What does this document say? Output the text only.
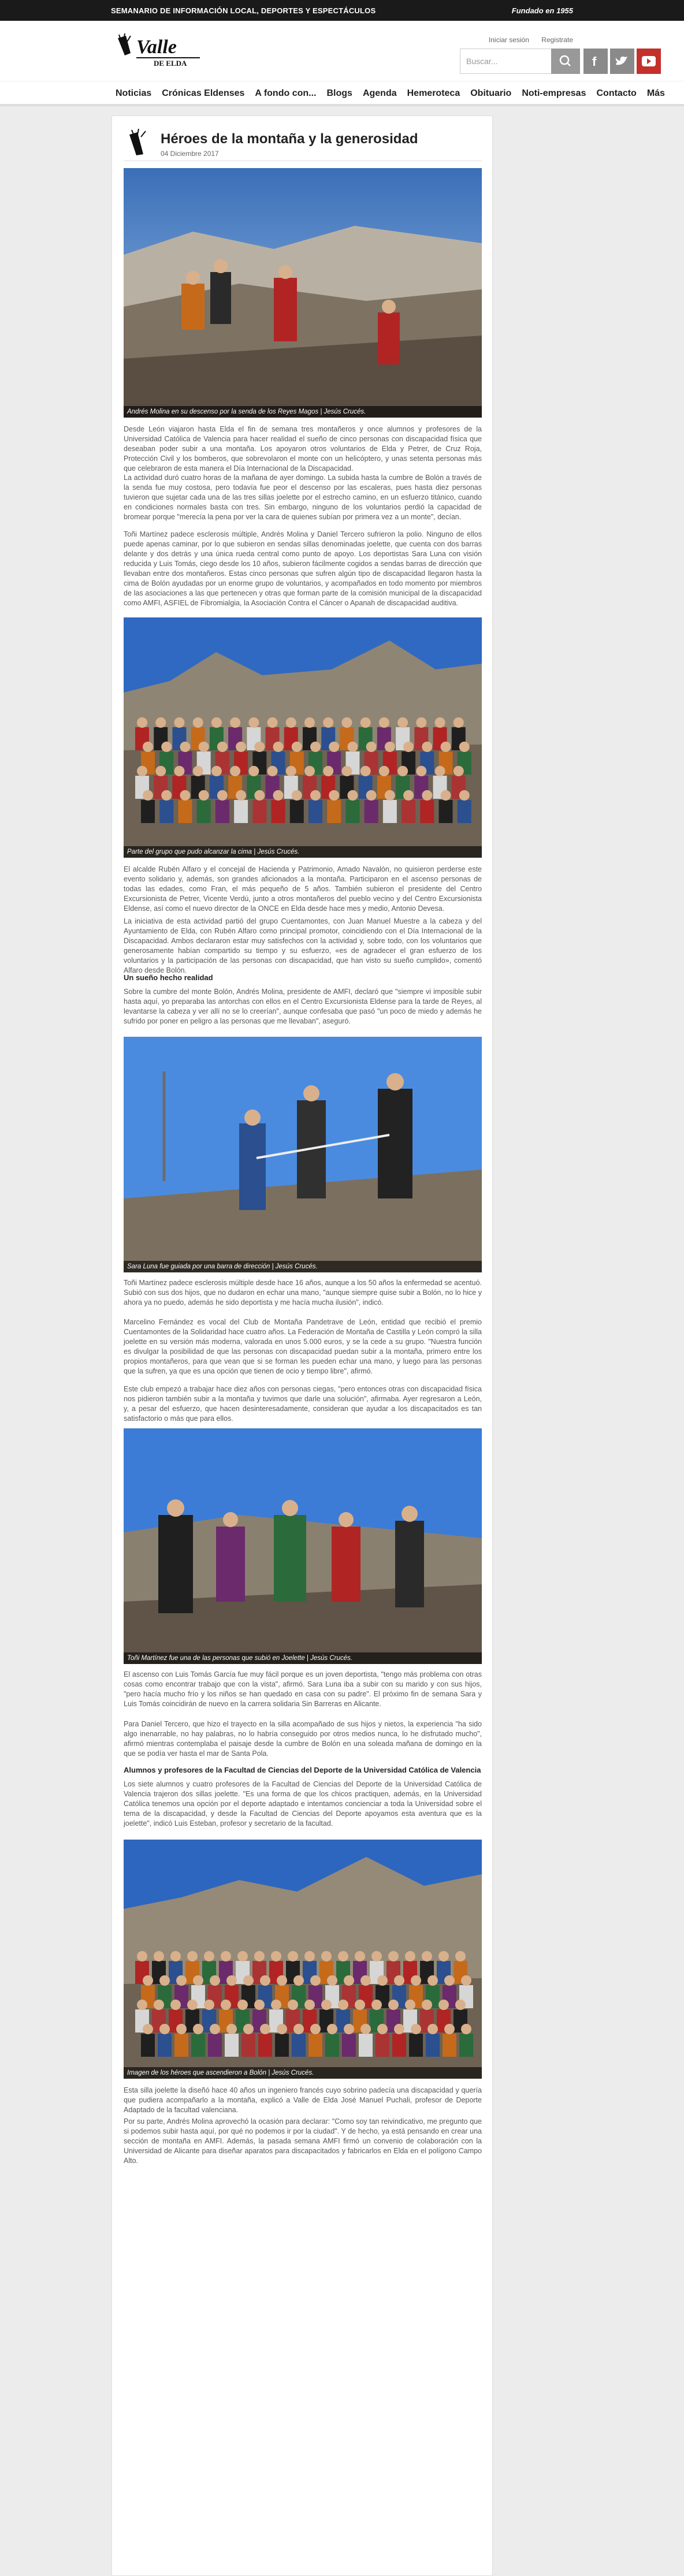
SEMANARIO DE INFORMACIÓN LOCAL, DEPORTES Y ESPECTÁCULOS	Fundado en 1955
Valle
DE ELDA
Iniciar sesión Registrate
Buscar...	f
Noticias Crónicas Eldenses A fondo con... Blogs Agenda Hemeroteca Obituario Noti-empresas Contacto Más
Héroes de la montaña y la generosidad
04 Diciembre 2017
Andrés Molina en su descenso por la senda de los Reyes Magos | Jesús Crucés.
Desde León viajaron hasta Elda el fin de semana tres montañeros y once alumnos y profesores de la Universidad Católica de Valencia para hacer realidad el sueño de cinco personas con discapacidad física que deseaban poder subir a una montaña. Los apoyaron otros voluntarios de Elda y Petrer, de Cruz Roja, Protección Civil y los bomberos, que sobrevolaron el monte con un helicóptero, y unas setenta personas más que celebraron de esta manera el Día Internacional de la Discapacidad.
La actividad duró cuatro horas de la mañana de ayer domingo. La subida hasta la cumbre de Bolón a través de la senda fue muy costosa, pero todavía fue peor el descenso por las escaleras, pues hasta diez personas tuvieron que sujetar cada una de las tres sillas joelette por el estrecho camino, en un esfuerzo titánico, cuando en condiciones normales basta con tres. Sin embargo, ninguno de los voluntarios perdió la capacidad de bromear porque "merecía la pena por ver la cara de quienes subían por primera vez a un monte", decían.
Toñi Martínez padece esclerosis múltiple, Andrés Molina y Daniel Tercero sufrieron la polio. Ninguno de ellos puede apenas caminar, por lo que subieron en sendas sillas denominadas joelette, que cuenta con dos barras delante y dos detrás y una única rueda central como punto de apoyo. Los deportistas Sara Luna con visión reducida y Luis Tomás, ciego desde los 10 años, subieron fácilmente cogidos a sendas barras de dirección que llevaban entre dos montañeros. Estas cinco personas que sufren algún tipo de discapacidad llegaron hasta la cima de Bolón ayudadas por un enorme grupo de voluntarios, y acompañados en todo momento por miembros de las asociaciones a las que pertenecen y otras que forman parte de la comisión municipal de la discapacidad como AMFI, ASFIEL de Fibromialgia, la Asociación Contra el Cáncer o Apanah de discapacidad auditiva.
Parte del grupo que pudo alcanzar la cima | Jesús Crucés.
El alcalde Rubén Alfaro y el concejal de Hacienda y Patrimonio, Amado Navalón, no quisieron perderse este evento solidario y, además, son grandes aficionados a la montaña. Participaron en el ascenso personas de todas las edades, como Fran, el más pequeño de 5 años. También subieron el presidente del Centro Excursionista de Petrer, Vicente Verdú, junto a otros montañeros del pueblo vecino y del Centro Excursionista Eldense, así como el nuevo director de la ONCE en Elda desde hace mes y medio, Antonio Devesa.
La iniciativa de esta actividad partió del grupo Cuentamontes, con Juan Manuel Muestre a la cabeza y del Ayuntamiento de Elda, con Rubén Alfaro como principal promotor, coincidiendo con el Día Internacional de la Discapacidad. Ambos declararon estar muy satisfechos con la actividad y, sobre todo, con los voluntarios que generosamente habían compartido su tiempo y su esfuerzo, «es de agradecer el gran esfuerzo de los voluntarios y la participación de las personas con discapacidad, que han visto su sueño cumplido», comentó Alfaro desde Bolón.
Un sueño hecho realidad
Sobre la cumbre del monte Bolón, Andrés Molina, presidente de AMFI, declaró que "siempre vi imposible subir hasta aquí, yo preparaba las antorchas con ellos en el Centro Excursionista Eldense para la tarde de Reyes, al levantarse la cabeza y ver allí no se lo creerían", aunque confesaba que pasó "un poco de miedo y además he sufrido por poner en peligro a las personas que me llevaban", aseguró.
Sara Luna fue guiada por una barra de dirección | Jesús Crucés.
Toñi Martínez padece esclerosis múltiple desde hace 16 años, aunque a los 50 años la enfermedad se acentuó. Subió con sus dos hijos, que no dudaron en echar una mano, "aunque siempre quise subir a Bolón, no lo hice y ahora ya no puedo, además he sido deportista y me hacía mucha ilusión", indicó.
Marcelino Fernández es vocal del Club de Montaña Pandetrave de León, entidad que recibió el premio Cuentamontes de la Solidaridad hace cuatro años. La Federación de Montaña de Castilla y León compró la silla joelette en su versión más moderna, valorada en unos 5.000 euros, y se la cede a su grupo. "Nuestra función es divulgar la posibilidad de que las personas con discapacidad puedan subir a la montaña, primero entre los propios montañeros, para que vean que si se forman les pueden echar una mano, y luego para las personas que la sufren, ya que es una opción que tienen de ocio y tiempo libre", afirmó.
Este club empezó a trabajar hace diez años con personas ciegas, "pero entonces otras con discapacidad física nos pidieron también subir a la montaña y tuvimos que darle una solución", afirmaba. Ayer regresaron a León, y, a pesar del esfuerzo, que hacen desinteresadamente, consideran que ayudar a los discapacitados es tan satisfactorio o más que para ellos.
Toñi Martínez fue una de las personas que subió en Joelette | Jesús Crucés.
El ascenso con Luis Tomás García fue muy fácil porque es un joven deportista, "tengo más problema con otras cosas como encontrar trabajo que con la vista", afirmó. Sara Luna iba a subir con su marido y con sus hijos, "pero hacía mucho frío y los niños se han quedado en casa con su padre". El próximo fin de semana Sara y Luis Tomás coincidirán de nuevo en la carrera solidaria Sin Barreras en Alicante.
Para Daniel Tercero, que hizo el trayecto en la silla acompañado de sus hijos y nietos, la experiencia "ha sido algo inenarrable, no hay palabras, no lo habría conseguido por otros medios nunca, lo he disfrutado mucho", afirmó mientras contemplaba el paisaje desde la cumbre de Bolón en una soleada mañana de domingo en la que se podía ver hasta el mar de Santa Pola.
Alumnos y profesores de la Facultad de Ciencias del Deporte de la Universidad Católica de Valencia
Los siete alumnos y cuatro profesores de la Facultad de Ciencias del Deporte de la Universidad Católica de Valencia trajeron dos sillas joelette. "Es una forma de que los chicos practiquen, además, en la Universidad Católica tenemos una opción por el deporte adaptado e intentamos concienciar a toda la Universidad sobre el tema de la discapacidad, y desde la Facultad de Ciencias del Deporte apoyamos esta aventura que es la joelette", indicó Luis Esteban, profesor y secretario de la facultad.
Imagen de los héroes que ascendieron a Bolón | Jesús Crucés.
Esta silla joelette la diseñó hace 40 años un ingeniero francés cuyo sobrino padecía una discapacidad y quería que pudiera acompañarlo a la montaña, explicó a Valle de Elda José Manuel Puchali, profesor de Deporte Adaptado de la facultad valenciana.
Por su parte, Andrés Molina aprovechó la ocasión para declarar: "Como soy tan reivindicativo, me pregunto que si podemos subir hasta aquí, por qué no podemos ir por la ciudad". Y de hecho, ya está pensando en crear una sección de montaña en AMFI. Además, la pasada semana AMFI firmó un convenio de colaboración con la Universidad de Alicante para diseñar aparatos para discapacitados y fabricarlos en Elda en el polígono Campo Alto.
